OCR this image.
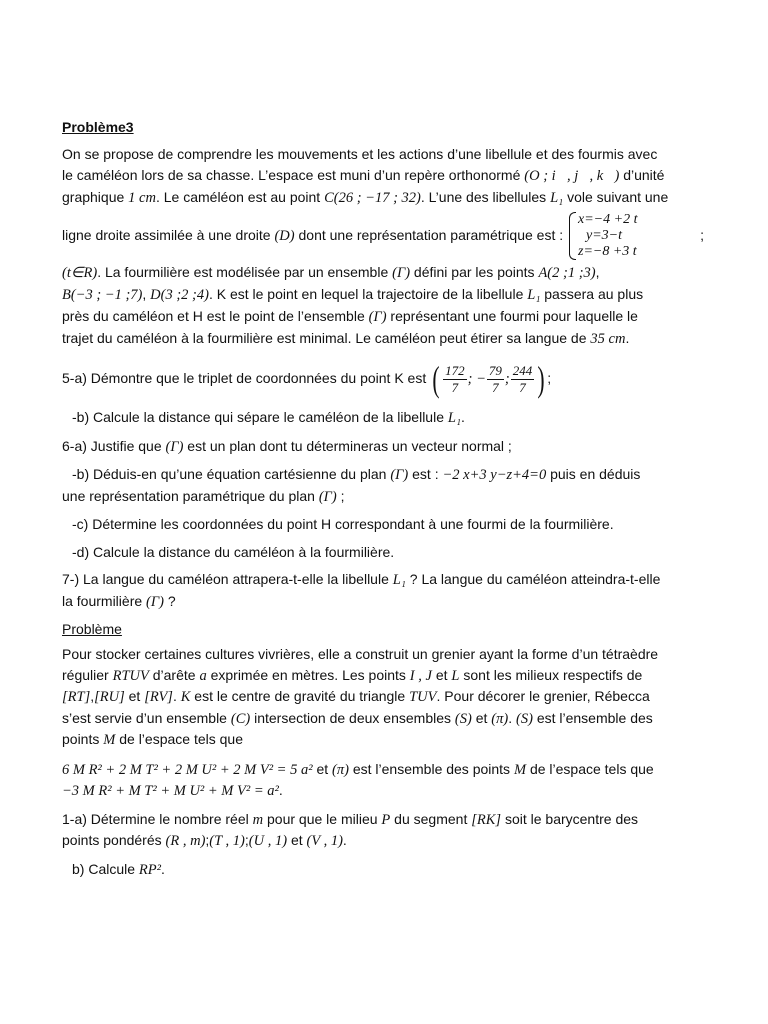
Problème3

On se propose de comprendre les mouvements et les actions d’une libellule et des fourmis avec

le caméléon lors de sa chasse. L’espace est muni d’un repère orthonormé (O ; i⃗, j⃗, k⃗) d’unité

graphique 1 cm. Le caméléon est au point C(26 ; −17 ; 32). L’une des libellules L₁ vole suivant une

ligne droite assimilée à une droite (D) dont une représentation paramétrique est :
x=−4 +2 t
y=3−t
z=−8 +3 t
;

(t∈R). La fourmilière est modélisée par un ensemble (Γ) défini par les points A(2 ;1 ;3),

B(−3 ; −1 ;7), D(3 ;2 ;4). K est le point en lequel la trajectoire de la libellule L₁ passera au plus

près du caméléon et H est le point de l’ensemble (Γ) représentant une fourmi pour laquelle le

trajet du caméléon à la fourmilière est minimal. Le caméléon peut étirer sa langue de 35 cm.

5-a) Démontre que le triplet de coordonnées du point K est ( $\frac{172}{7}$ ; − $\frac{79}{7}$ ; $\frac{244}{7}$ ) ;

-b) Calcule la distance qui sépare le caméléon de la libellule L₁.

6-a) Justifie que (Γ) est un plan dont tu détermineras un vecteur normal ;

-b) Déduis-en qu’une équation cartésienne du plan (Γ) est : −2 x+3 y−z+4=0 puis en déduis

une représentation paramétrique du plan (Γ) ;

-c) Détermine les coordonnées du point H correspondant à une fourmi de la fourmilière.

-d) Calcule la distance du caméléon à la fourmilière.

7-) La langue du caméléon attrapera-t-elle la libellule L₁ ? La langue du caméléon atteindra-t-elle

la fourmilière (Γ) ?

Problème

Pour stocker certaines cultures vivrières, elle a construit un grenier ayant la forme d’un tétraèdre

régulier RTUV d’arête a exprimée en mètres. Les points I , J et L sont les milieux respectifs de

[RT],[RU] et [RV]. K est le centre de gravité du triangle TUV. Pour décorer le grenier, Rébecca

s’est servie d’un ensemble (C) intersection de deux ensembles (S) et (π). (S) est l’ensemble des

points M de l’espace tels que

6 M R² + 2 M T² + 2 M U² + 2 M V² = 5 a² et (π) est l’ensemble des points M de l’espace tels que

−3 M R² + M T² + M U² + M V² = a².

1-a) Détermine le nombre réel m pour que le milieu P du segment [RK] soit le barycentre des

points pondérés (R , m);(T , 1);(U , 1) et (V , 1).

b) Calcule RP².
